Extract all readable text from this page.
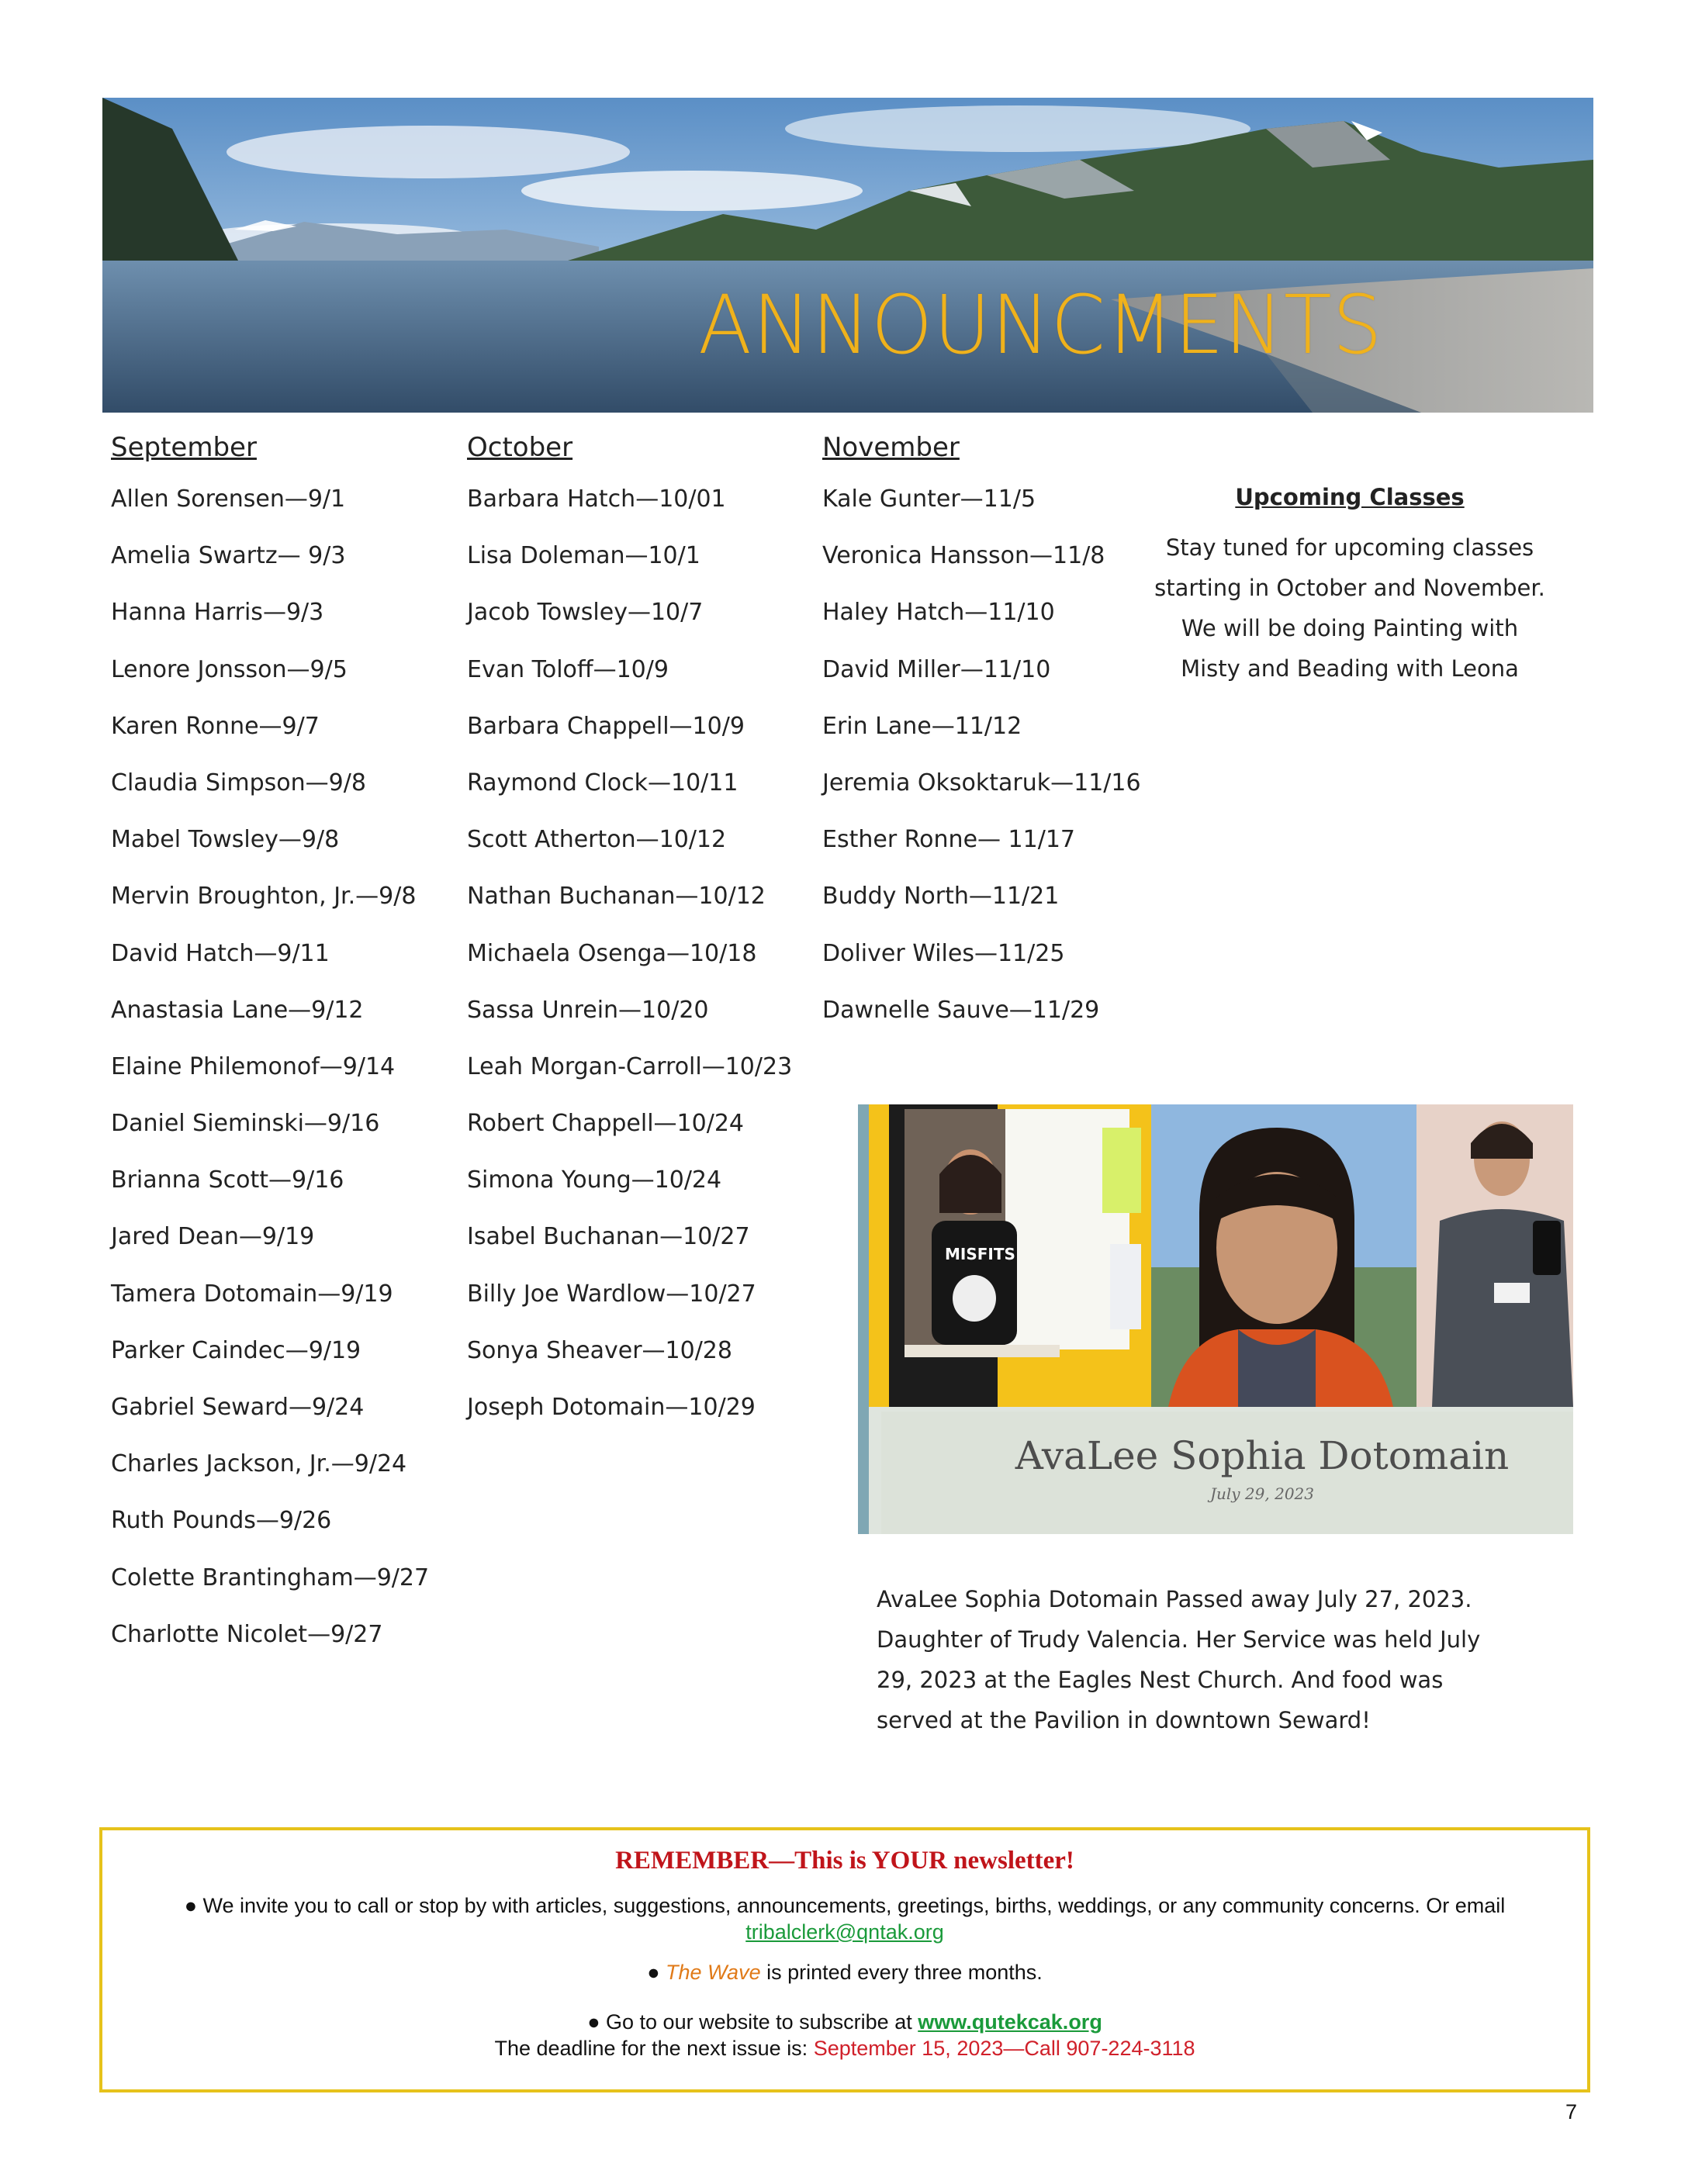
ANNOUNCMENTS
September
Allen Sorensen—9/1
Amelia Swartz— 9/3
Hanna Harris—9/3
Lenore Jonsson—9/5
Karen Ronne—9/7
Claudia Simpson—9/8
Mabel Towsley—9/8
Mervin Broughton, Jr.—9/8
David Hatch—9/11
Anastasia Lane—9/12
Elaine Philemonof—9/14
Daniel Sieminski—9/16
Brianna Scott—9/16
Jared Dean—9/19
Tamera Dotomain—9/19
Parker Caindec—9/19
Gabriel Seward—9/24
Charles Jackson, Jr.—9/24
Ruth Pounds—9/26
Colette Brantingham—9/27
Charlotte Nicolet—9/27
October
Barbara Hatch—10/01
Lisa Doleman—10/1
Jacob Towsley—10/7
Evan Toloff—10/9
Barbara Chappell—10/9
Raymond Clock—10/11
Scott Atherton—10/12
Nathan Buchanan—10/12
Michaela Osenga—10/18
Sassa Unrein—10/20
Leah Morgan-Carroll—10/23
Robert Chappell—10/24
Simona Young—10/24
Isabel Buchanan—10/27
Billy Joe Wardlow—10/27
Sonya Sheaver—10/28
Joseph Dotomain—10/29
November
Kale Gunter—11/5
Veronica Hansson—11/8
Haley Hatch—11/10
David Miller—11/10
Erin Lane—11/12
Jeremia Oksoktaruk—11/16
Esther Ronne— 11/17
Buddy North—11/21
Doliver Wiles—11/25
Dawnelle Sauve—11/29
Upcoming Classes
Stay tuned for upcoming classes starting in October and November. We will be doing Painting with Misty and Beading with Leona
MISFITS
AvaLee Sophia Dotomain
July 29, 2023
AvaLee Sophia Dotomain Passed away July 27, 2023. Daughter of Trudy Valencia. Her Service was held July 29, 2023 at the Eagles Nest Church. And food was served at the Pavilion in downtown Seward!
REMEMBER—This is YOUR newsletter!
● We invite you to call or stop by with articles, suggestions, announcements, greetings, births, weddings, or any community concerns. Or email tribalclerk@qntak.org
● The Wave is printed every three months.
● Go to our website to subscribe at www.qutekcak.org
The deadline for the next issue is: September 15, 2023—Call 907-224-3118
7
